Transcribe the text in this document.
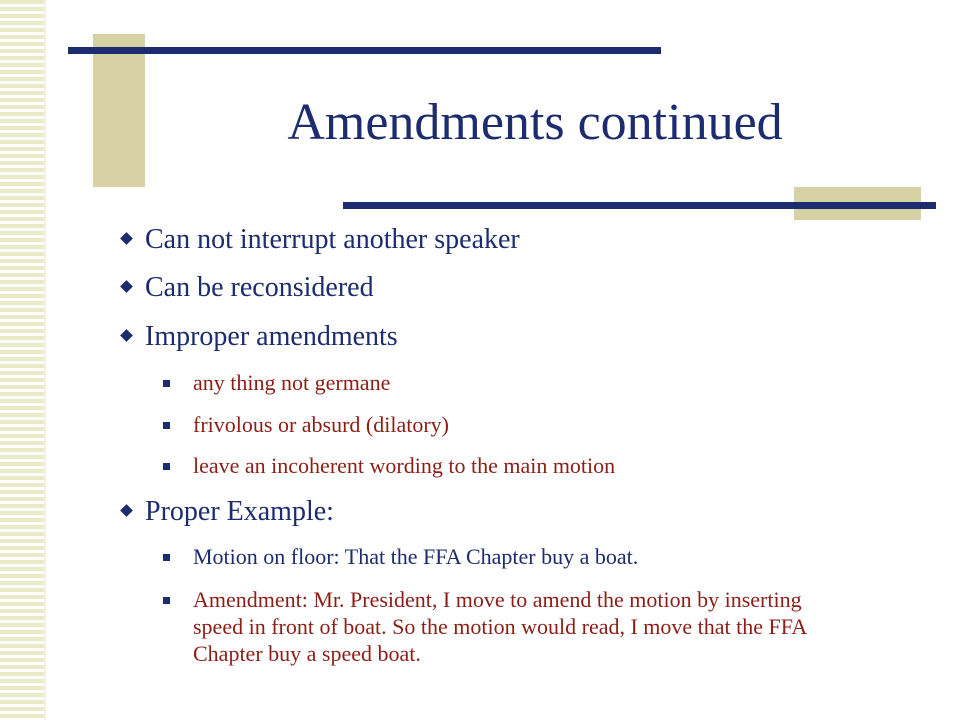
Amendments continued
Can not interrupt another speaker
Can be reconsidered
Improper amendments
any thing not germane
frivolous or absurd (dilatory)
leave an incoherent wording to the main motion
Proper Example:
Motion on floor: That the FFA Chapter buy a boat.
Amendment: Mr. President, I move to amend the motion by inserting speed in front of boat. So the motion would read, I move that the FFA Chapter buy a speed boat.
